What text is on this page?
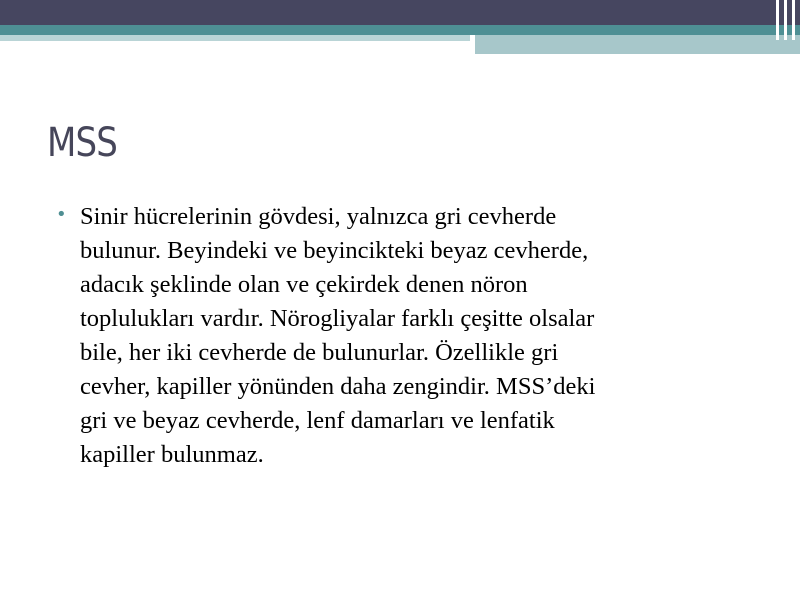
MSS
• Sinir hücrelerinin gövdesi, yalnızca gri cevherde
bulunur. Beyindeki ve beyincikteki beyaz cevherde,
adacık şeklinde olan ve çekirdek denen nöron
toplulukları vardır. Nörogliyalar farklı çeşitte olsalar
bile, her iki cevherde de bulunurlar. Özellikle gri
cevher, kapiller yönünden daha zengindir. MSS’deki
gri ve beyaz cevherde, lenf damarları ve lenfatik
kapiller bulunmaz.
